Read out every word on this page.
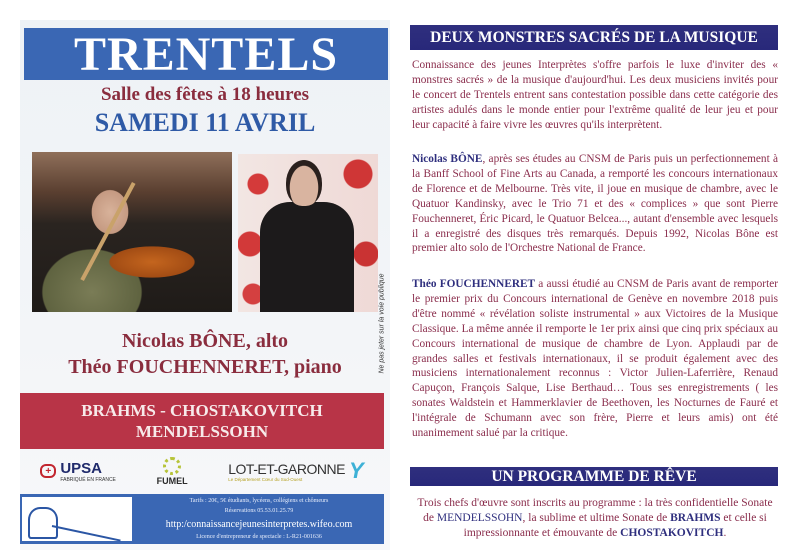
TRENTELS
Salle des fêtes à 18 heures
SAMEDI 11 AVRIL
Ne pas jeter sur la voie publique
Nicolas BÔNE, alto
Théo FOUCHENNERET, piano
BRAHMS - CHOSTAKOVITCH
MENDELSSOHN
+ UPSA
FABRIQUÉ EN FRANCE	FUMEL
LOT-ET-GARONNE
Le Département Cœur du Sud-Ouest	Y
Tarifs : 20€, 5€ étudiants, lycéens, collégiens et chômeurs
Réservations 05.53.01.25.79
http:/connaissancejeunesinterpretes.wifeo.com
Licence d'entrepreneur de spectacle : L-R21-001636
DEUX MONSTRES SACRÉS DE LA MUSIQUE

Connaissance des jeunes Interprètes s'offre parfois le luxe d'inviter des « monstres sacrés » de la musique d'aujourd'hui. Les deux musiciens invités pour le concert de Trentels entrent sans contestation possible dans cette catégorie des artistes adulés dans le monde entier pour l'extrême qualité de leur jeu et pour leur capacité à faire vivre les œuvres qu'ils interprètent.

Nicolas BÔNE, après ses études au CNSM de Paris puis un perfectionnement à la Banff School of Fine Arts au Canada, a remporté les concours internationaux de Florence et de Melbourne. Très vite, il joue en musique de chambre, avec le Quatuor Kandinsky, avec le Trio 71 et des « complices » que sont Pierre Fouchenneret, Éric Picard, le Quatuor Belcea..., autant d'ensemble avec lesquels il a enregistré des disques très remarqués. Depuis 1992, Nicolas Bône est premier alto solo de l'Orchestre National de France.

Théo FOUCHENNERET a aussi étudié au CNSM de Paris avant de remporter le premier prix du Concours international de Genève en novembre 2018 puis d'être nommé « révélation soliste instrumental » aux Victoires de la Musique Classique. La même année il remporte le 1er prix ainsi que cinq prix spéciaux au Concours international de musique de chambre de Lyon. Applaudi par de grandes salles et festivals internationaux, il se produit également avec des musiciens internationalement reconnus : Victor Julien-Laferrière, Renaud Capuçon, François Salque, Lise Berthaud… Tous ses enregistrements ( les sonates Waldstein et Hammerklavier de Beethoven, les Nocturnes de Fauré et l'intégrale de Schumann avec son frère, Pierre et leurs amis) ont été unanimement salué par la critique.

UN PROGRAMME DE RÊVE

Trois chefs d'œuvre sont inscrits au programme : la très confidentielle Sonate de MENDELSSOHN, la sublime et ultime Sonate de BRAHMS et celle si impressionnante et émouvante de CHOSTAKOVITCH.
